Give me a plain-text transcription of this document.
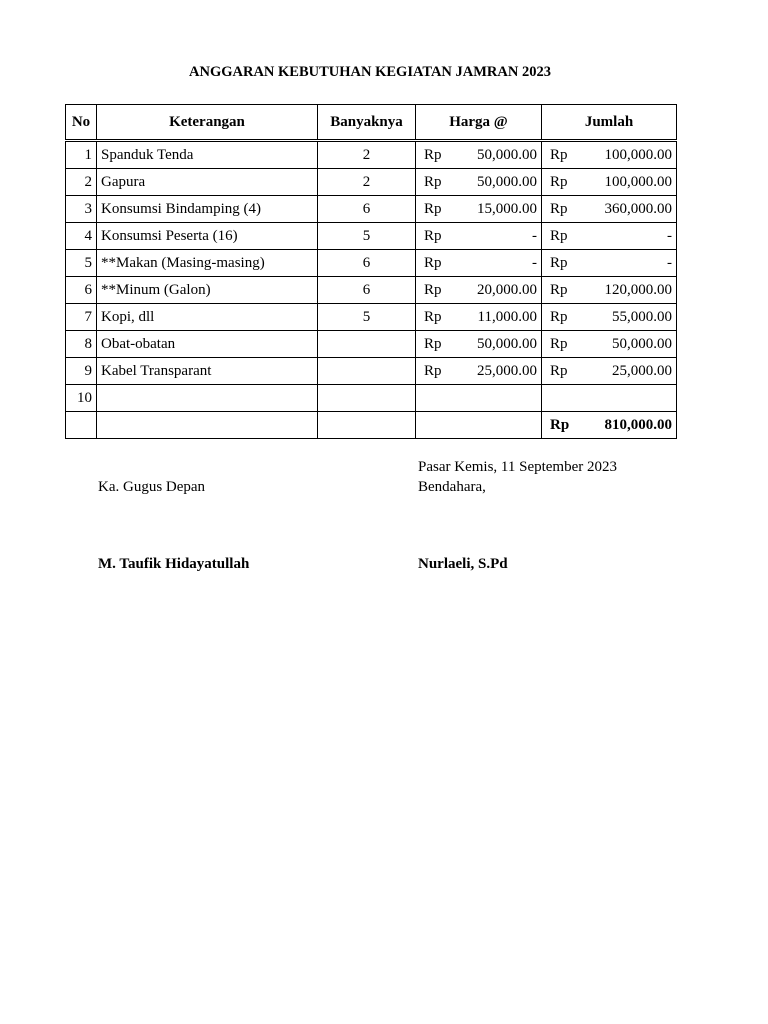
ANGGARAN KEBUTUHAN KEGIATAN JAMRAN 2023
No	Keterangan	Banyaknya	Harga @	Jumlah
1	Spanduk Tenda	2	Rp 50,000.00	Rp 100,000.00

2	Gapura	2	Rp 50,000.00	Rp 100,000.00

3	Konsumsi Bindamping (4)	6	Rp 15,000.00	Rp 360,000.00

4	Konsumsi Peserta (16)	5	Rp -	Rp -

5	**Makan (Masing-masing)	6	Rp -	Rp -

6	**Minum (Galon)	6	Rp 20,000.00	Rp 120,000.00

7	Kopi, dll	5	Rp 11,000.00	Rp 55,000.00

8	Obat-obatan		Rp 50,000.00	Rp 50,000.00

9	Kabel Transparant		Rp 25,000.00	Rp 25,000.00

10			

				Rp 810,000.00
Pasar Kemis, 11 September 2023
Ka. Gugus Depan	Bendahara,
M. Taufik Hidayatullah	Nurlaeli, S.Pd
